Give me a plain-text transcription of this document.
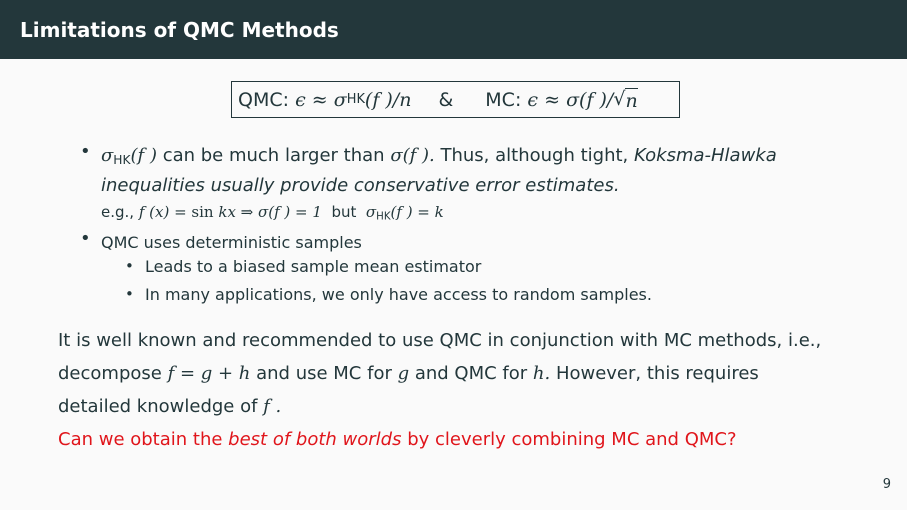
Limitations of QMC Methods
QMC:
ϵ
≈
σ HK (f )/n & MC:
ϵ
≈
σ(f )/ √ n
• $\sigma_{HK}(f$ ) can be much larger than σ(f ). Thus, although tight, Koksma-Hlawka
inequalities usually provide conservative error estimates.
e.g., f (x) = sin kx ⇒ σ(f ) = 1  but  $\sigma_{HK}(f$ ) = k
• QMC uses deterministic samples
• Leads to a biased sample mean estimator
• In many applications, we only have access to random samples.
It is well known and recommended to use QMC in conjunction with MC methods, i.e.,
decompose f = g + h and use MC for g and QMC for h. However, this requires
detailed knowledge of f .
Can we obtain the best of both worlds by cleverly combining MC and QMC?
9
